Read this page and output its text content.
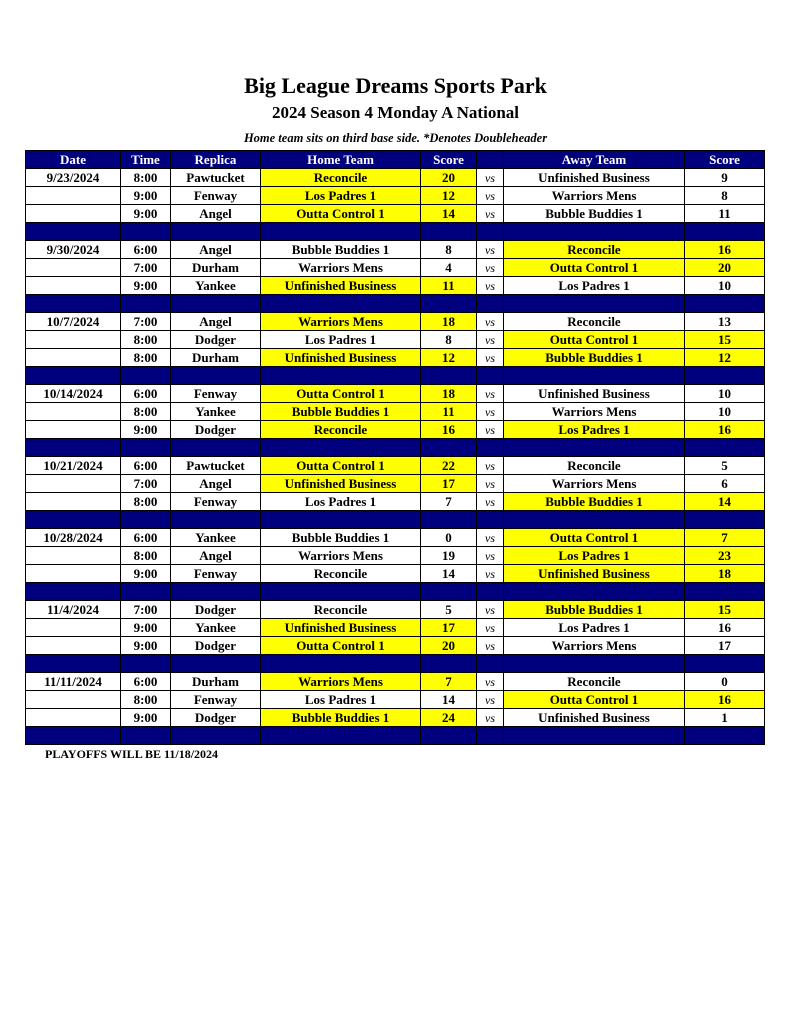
Big League Dreams Sports Park
2024 Season 4 Monday A National
Home team sits on third base side. *Denotes Doubleheader
Date	Time	Replica	Home Team	Score		Away Team	Score
9/23/2024	8:00	Pawtucket	Reconcile	20	vs	Unfinished Business	9
	9:00	Fenway	Los Padres 1	12	vs	Warriors Mens	8
	9:00	Angel	Outta Control 1	14	vs	Bubble Buddies 1	11

9/30/2024	6:00	Angel	Bubble Buddies 1	8	vs	Reconcile	16
	7:00	Durham	Warriors Mens	4	vs	Outta Control 1	20
	9:00	Yankee	Unfinished Business	11	vs	Los Padres 1	10

10/7/2024	7:00	Angel	Warriors Mens	18	vs	Reconcile	13
	8:00	Dodger	Los Padres 1	8	vs	Outta Control 1	15
	8:00	Durham	Unfinished Business	12	vs	Bubble Buddies 1	12

10/14/2024	6:00	Fenway	Outta Control 1	18	vs	Unfinished Business	10
	8:00	Yankee	Bubble Buddies 1	11	vs	Warriors Mens	10
	9:00	Dodger	Reconcile	16	vs	Los Padres 1	16

10/21/2024	6:00	Pawtucket	Outta Control 1	22	vs	Reconcile	5
	7:00	Angel	Unfinished Business	17	vs	Warriors Mens	6
	8:00	Fenway	Los Padres 1	7	vs	Bubble Buddies 1	14

10/28/2024	6:00	Yankee	Bubble Buddies 1	0	vs	Outta Control 1	7
	8:00	Angel	Warriors Mens	19	vs	Los Padres 1	23
	9:00	Fenway	Reconcile	14	vs	Unfinished Business	18

11/4/2024	7:00	Dodger	Reconcile	5	vs	Bubble Buddies 1	15
	9:00	Yankee	Unfinished Business	17	vs	Los Padres 1	16
	9:00	Dodger	Outta Control 1	20	vs	Warriors Mens	17

11/11/2024	6:00	Durham	Warriors Mens	7	vs	Reconcile	0
	8:00	Fenway	Los Padres 1	14	vs	Outta Control 1	16
	9:00	Dodger	Bubble Buddies 1	24	vs	Unfinished Business	1

PLAYOFFS WILL BE 11/18/2024
